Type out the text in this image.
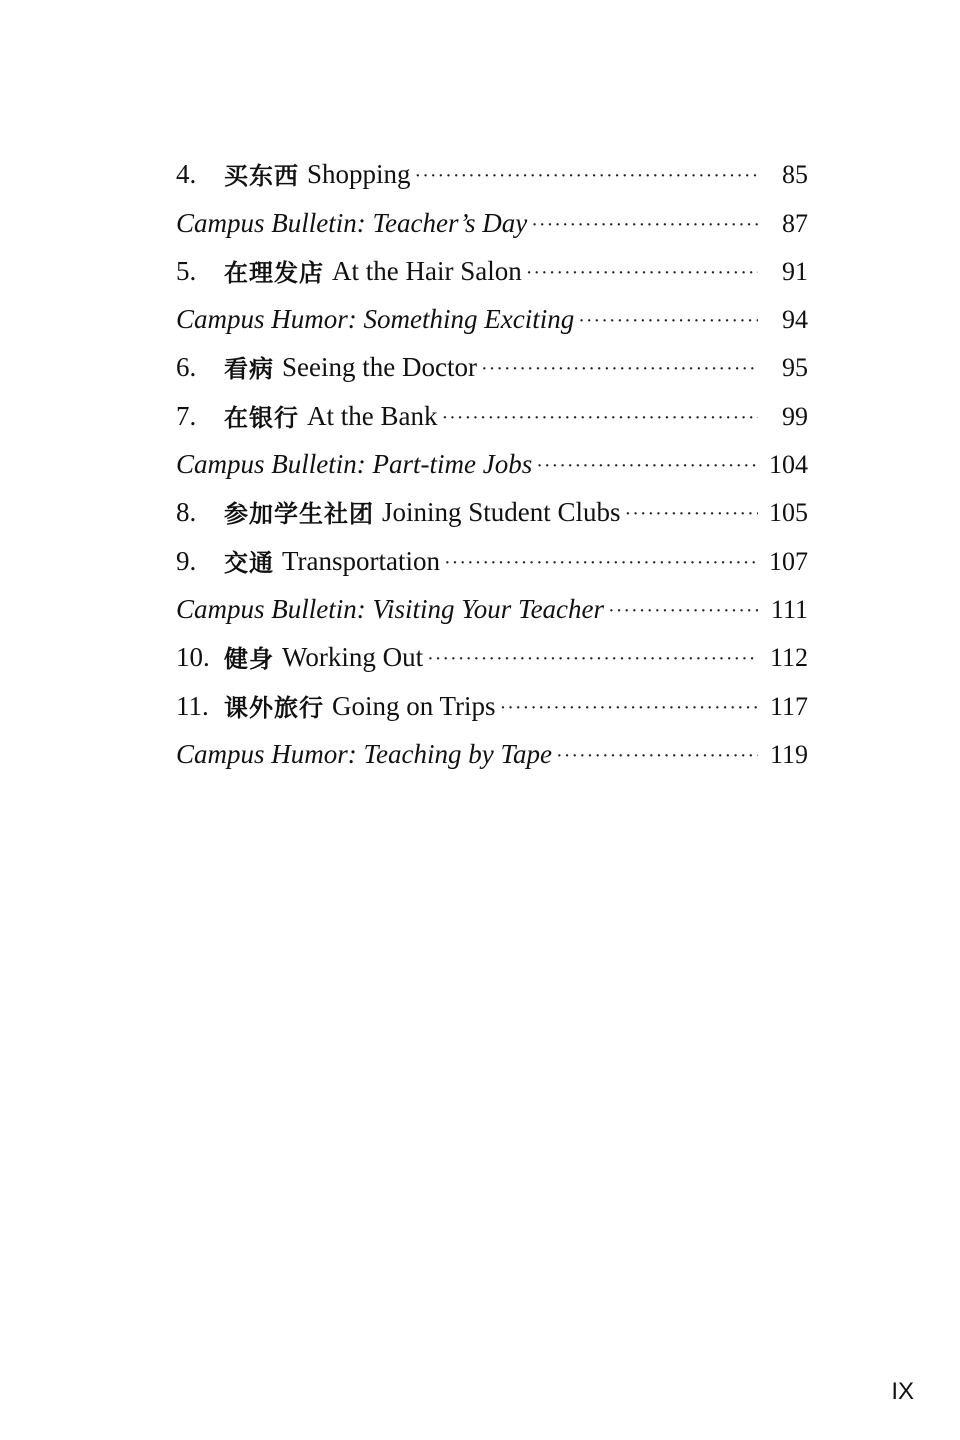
4.	买东西 Shopping ·····	85
Campus Bulletin: Teacher’s Day ·····	87
5.	在理发店 At the Hair Salon ·····	91
Campus Humor: Something Exciting ·····	94
6.	看病 Seeing the Doctor ·····	95
7.	在银行 At the Bank ·····	99
Campus Bulletin: Part-time Jobs ·····	104
8.	参加学生社团 Joining Student Clubs ·····	105
9.	交通 Transportation ·····	107
Campus Bulletin: Visiting Your Teacher ·····	111
10. 健身 Working Out ·····	112
11. 课外旅行 Going on Trips ·····	117
Campus Humor: Teaching by Tape ·····	119
IX
